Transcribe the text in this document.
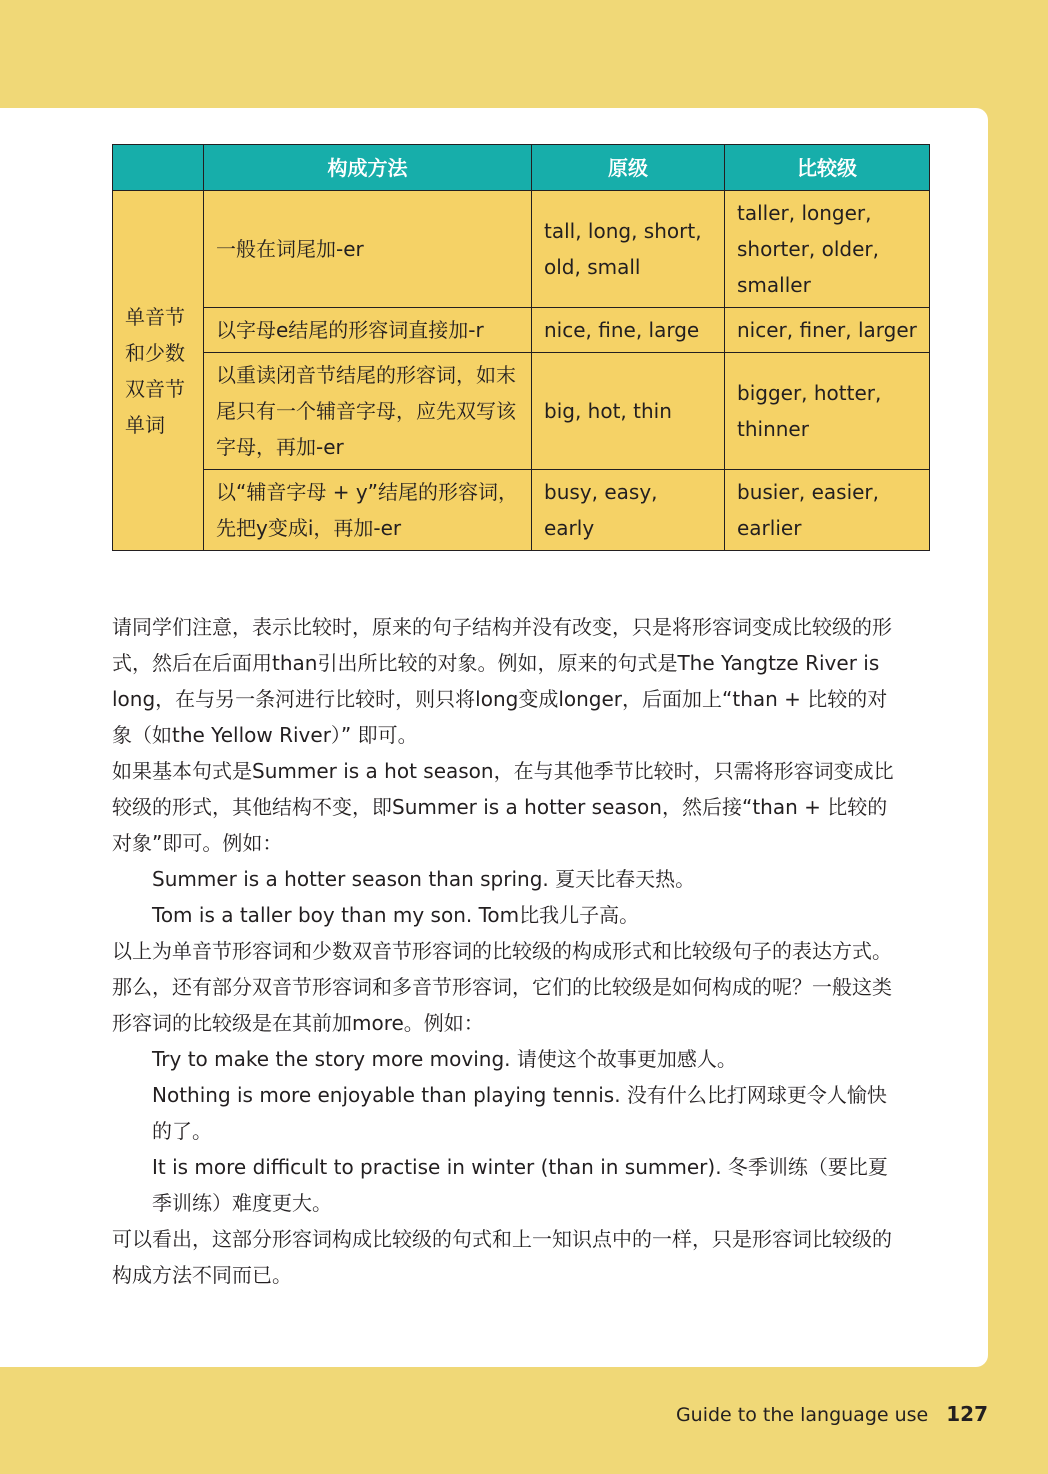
	构成方法	原级	比较级
单音节和少数双音节单词	一般在词尾加-er	tall, long, short, old, small	taller, longer, shorter, older, smaller
	以字母e结尾的形容词直接加-r	nice, fine, large	nicer, finer, larger
	以重读闭音节结尾的形容词，如末尾只有一个辅音字母，应先双写该字母，再加-er	big, hot, thin	bigger, hotter, thinner
	以“辅音字母 + y”结尾的形容词，先把y变成i，再加-er	busy, easy, early	busier, easier, earlier

请同学们注意，表示比较时，原来的句子结构并没有改变，只是将形容词变成比较级的形式，然后在后面用than引出所比较的对象。例如，原来的句式是The Yangtze River is long，在与另一条河进行比较时，则只将long变成longer，后面加上“than + 比较的对象（如the Yellow River）” 即可。

如果基本句式是Summer is a hot season，在与其他季节比较时，只需将形容词变成比较级的形式，其他结构不变，即Summer is a hotter season，然后接“than + 比较的对象”即可。例如：

Summer is a hotter season than spring. 夏天比春天热。

Tom is a taller boy than my son. Tom比我儿子高。

以上为单音节形容词和少数双音节形容词的比较级的构成形式和比较级句子的表达方式。那么，还有部分双音节形容词和多音节形容词，它们的比较级是如何构成的呢？一般这类形容词的比较级是在其前加more。例如：

Try to make the story more moving. 请使这个故事更加感人。

Nothing is more enjoyable than playing tennis. 没有什么比打网球更令人愉快的了。

It is more difficult to practise in winter (than in summer). 冬季训练（要比夏季训练）难度更大。

可以看出，这部分形容词构成比较级的句式和上一知识点中的一样，只是形容词比较级的构成方法不同而已。

Guide to the language use 127
